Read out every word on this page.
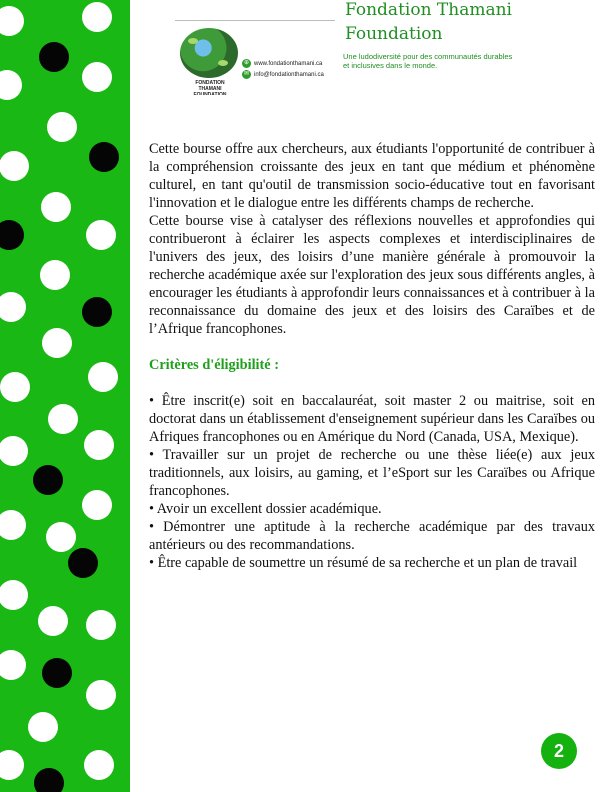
FONDATION THAMANI FOUNDATION
⊕ www.fondationthamani.ca
✉ info@fondationthamani.ca
Fondation Thamani
Foundation
Une ludodiversité pour des communautés durables et inclusives dans le monde.

Cette bourse offre aux chercheurs, aux étudiants l'opportunité de contribuer à la compréhension croissante des jeux en tant que médium et phénomène culturel, en tant qu'outil de transmission socio-éducative tout en favorisant l'innovation et le dialogue entre les différents champs de recherche.

Cette bourse vise à catalyser des réflexions nouvelles et approfondies qui contribueront à éclairer les aspects complexes et interdisciplinaires de l'univers des jeux, des loisirs d’une manière générale à promouvoir la recherche académique axée sur l'exploration des jeux sous différents angles, à encourager les étudiants à approfondir leurs connaissances et à contribuer à la reconnaissance du domaine des jeux et des loisirs des Caraïbes et de l’Afrique francophones.

Critères d'éligibilité :

• Être inscrit(e) soit en baccalauréat, soit master 2 ou maitrise, soit en doctorat dans un établissement d'enseignement supérieur dans les Caraïbes ou Afriques francophones ou en Amérique du Nord (Canada, USA, Mexique).

• Travailler sur un projet de recherche ou une thèse liée(e) aux jeux traditionnels, aux loisirs, au gaming, et l’eSport sur les Caraïbes ou Afrique francophones.

• Avoir un excellent dossier académique.

• Démontrer une aptitude à la recherche académique par des travaux antérieurs ou des recommandations.

• Être capable de soumettre un résumé de sa recherche et un plan de travail

2
